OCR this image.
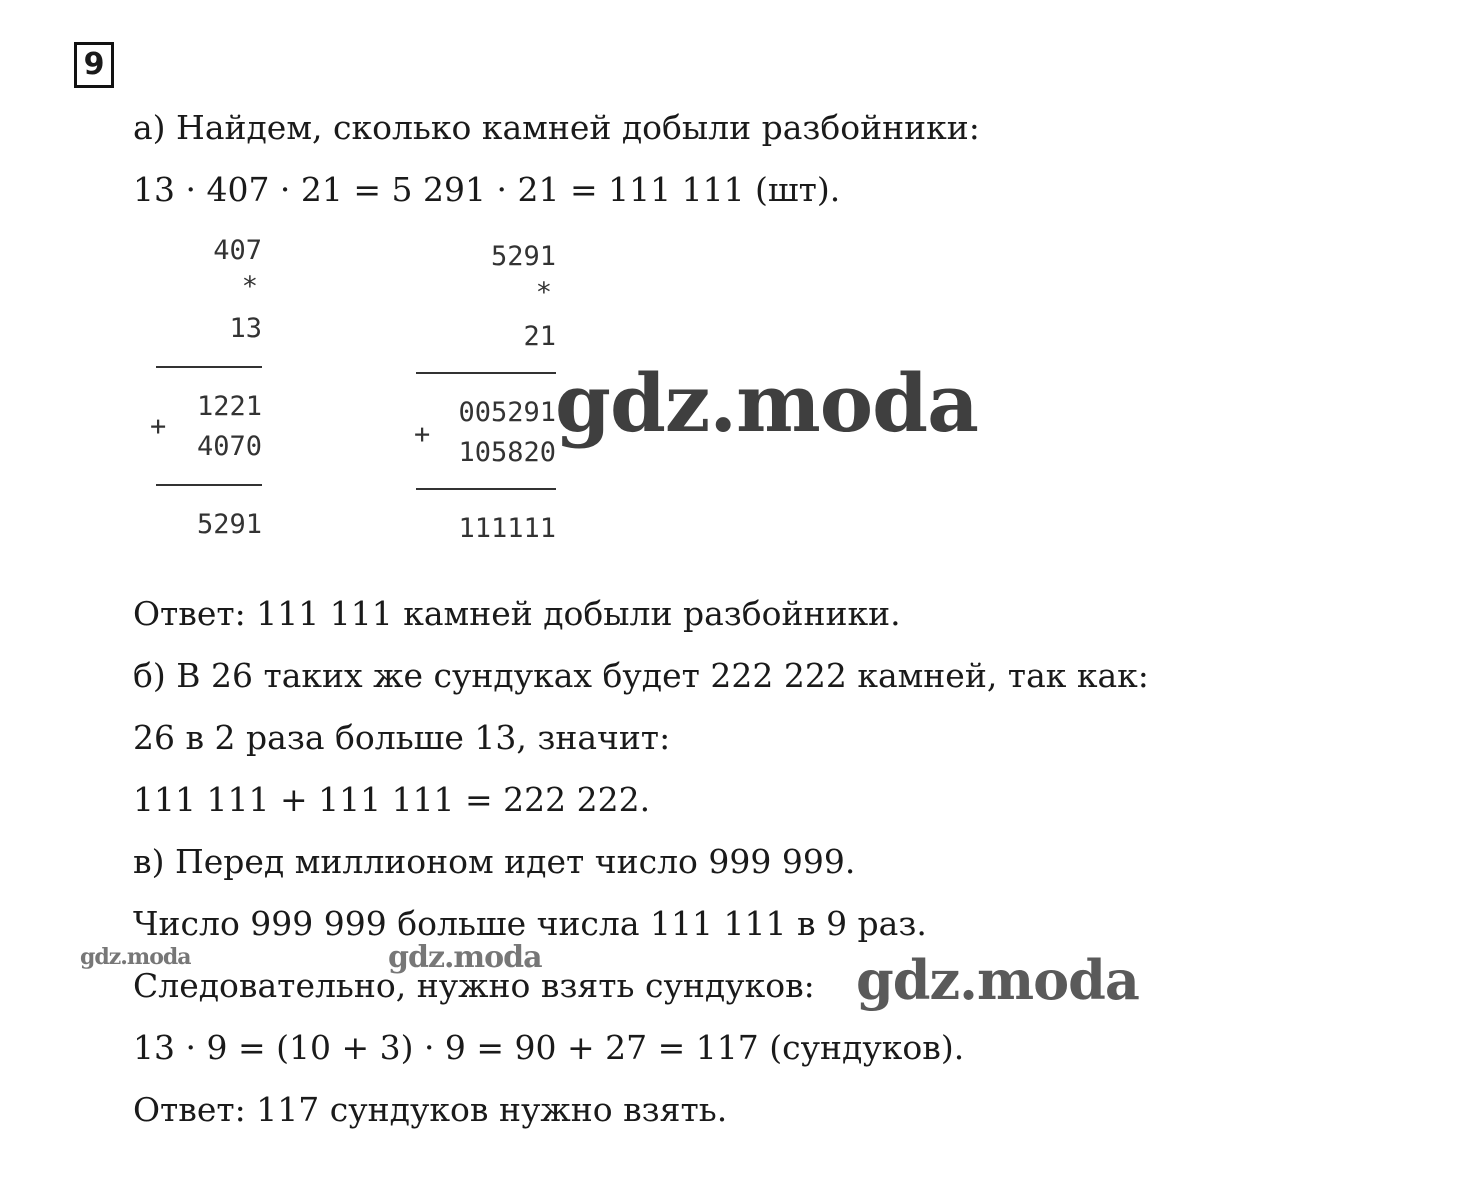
9
а) Найдем, сколько камней добыли разбойники:
13 · 407 · 21 = 5 291 · 21 = 111 111 (шт).
Ответ: 111 111 камней добыли разбойники.
б) В 26 таких же сундуках будет 222 222 камней, так как:
26 в 2 раза больше 13, значит:
111 111 + 111 111 = 222 222.
в) Перед миллионом идет число 999 999.
Число 999 999 больше числа 111 111 в 9 раз.
Следовательно, нужно взять сундуков:
13 · 9 = (10 + 3) · 9 = 90 + 27 = 117 (сундуков).
Ответ: 117 сундуков нужно взять.
407
*
13
1221
+
4070
5291
5291
*
21
005291
+
105820
111111
gdz.moda
gdz.moda
gdz.moda	gdz.moda
